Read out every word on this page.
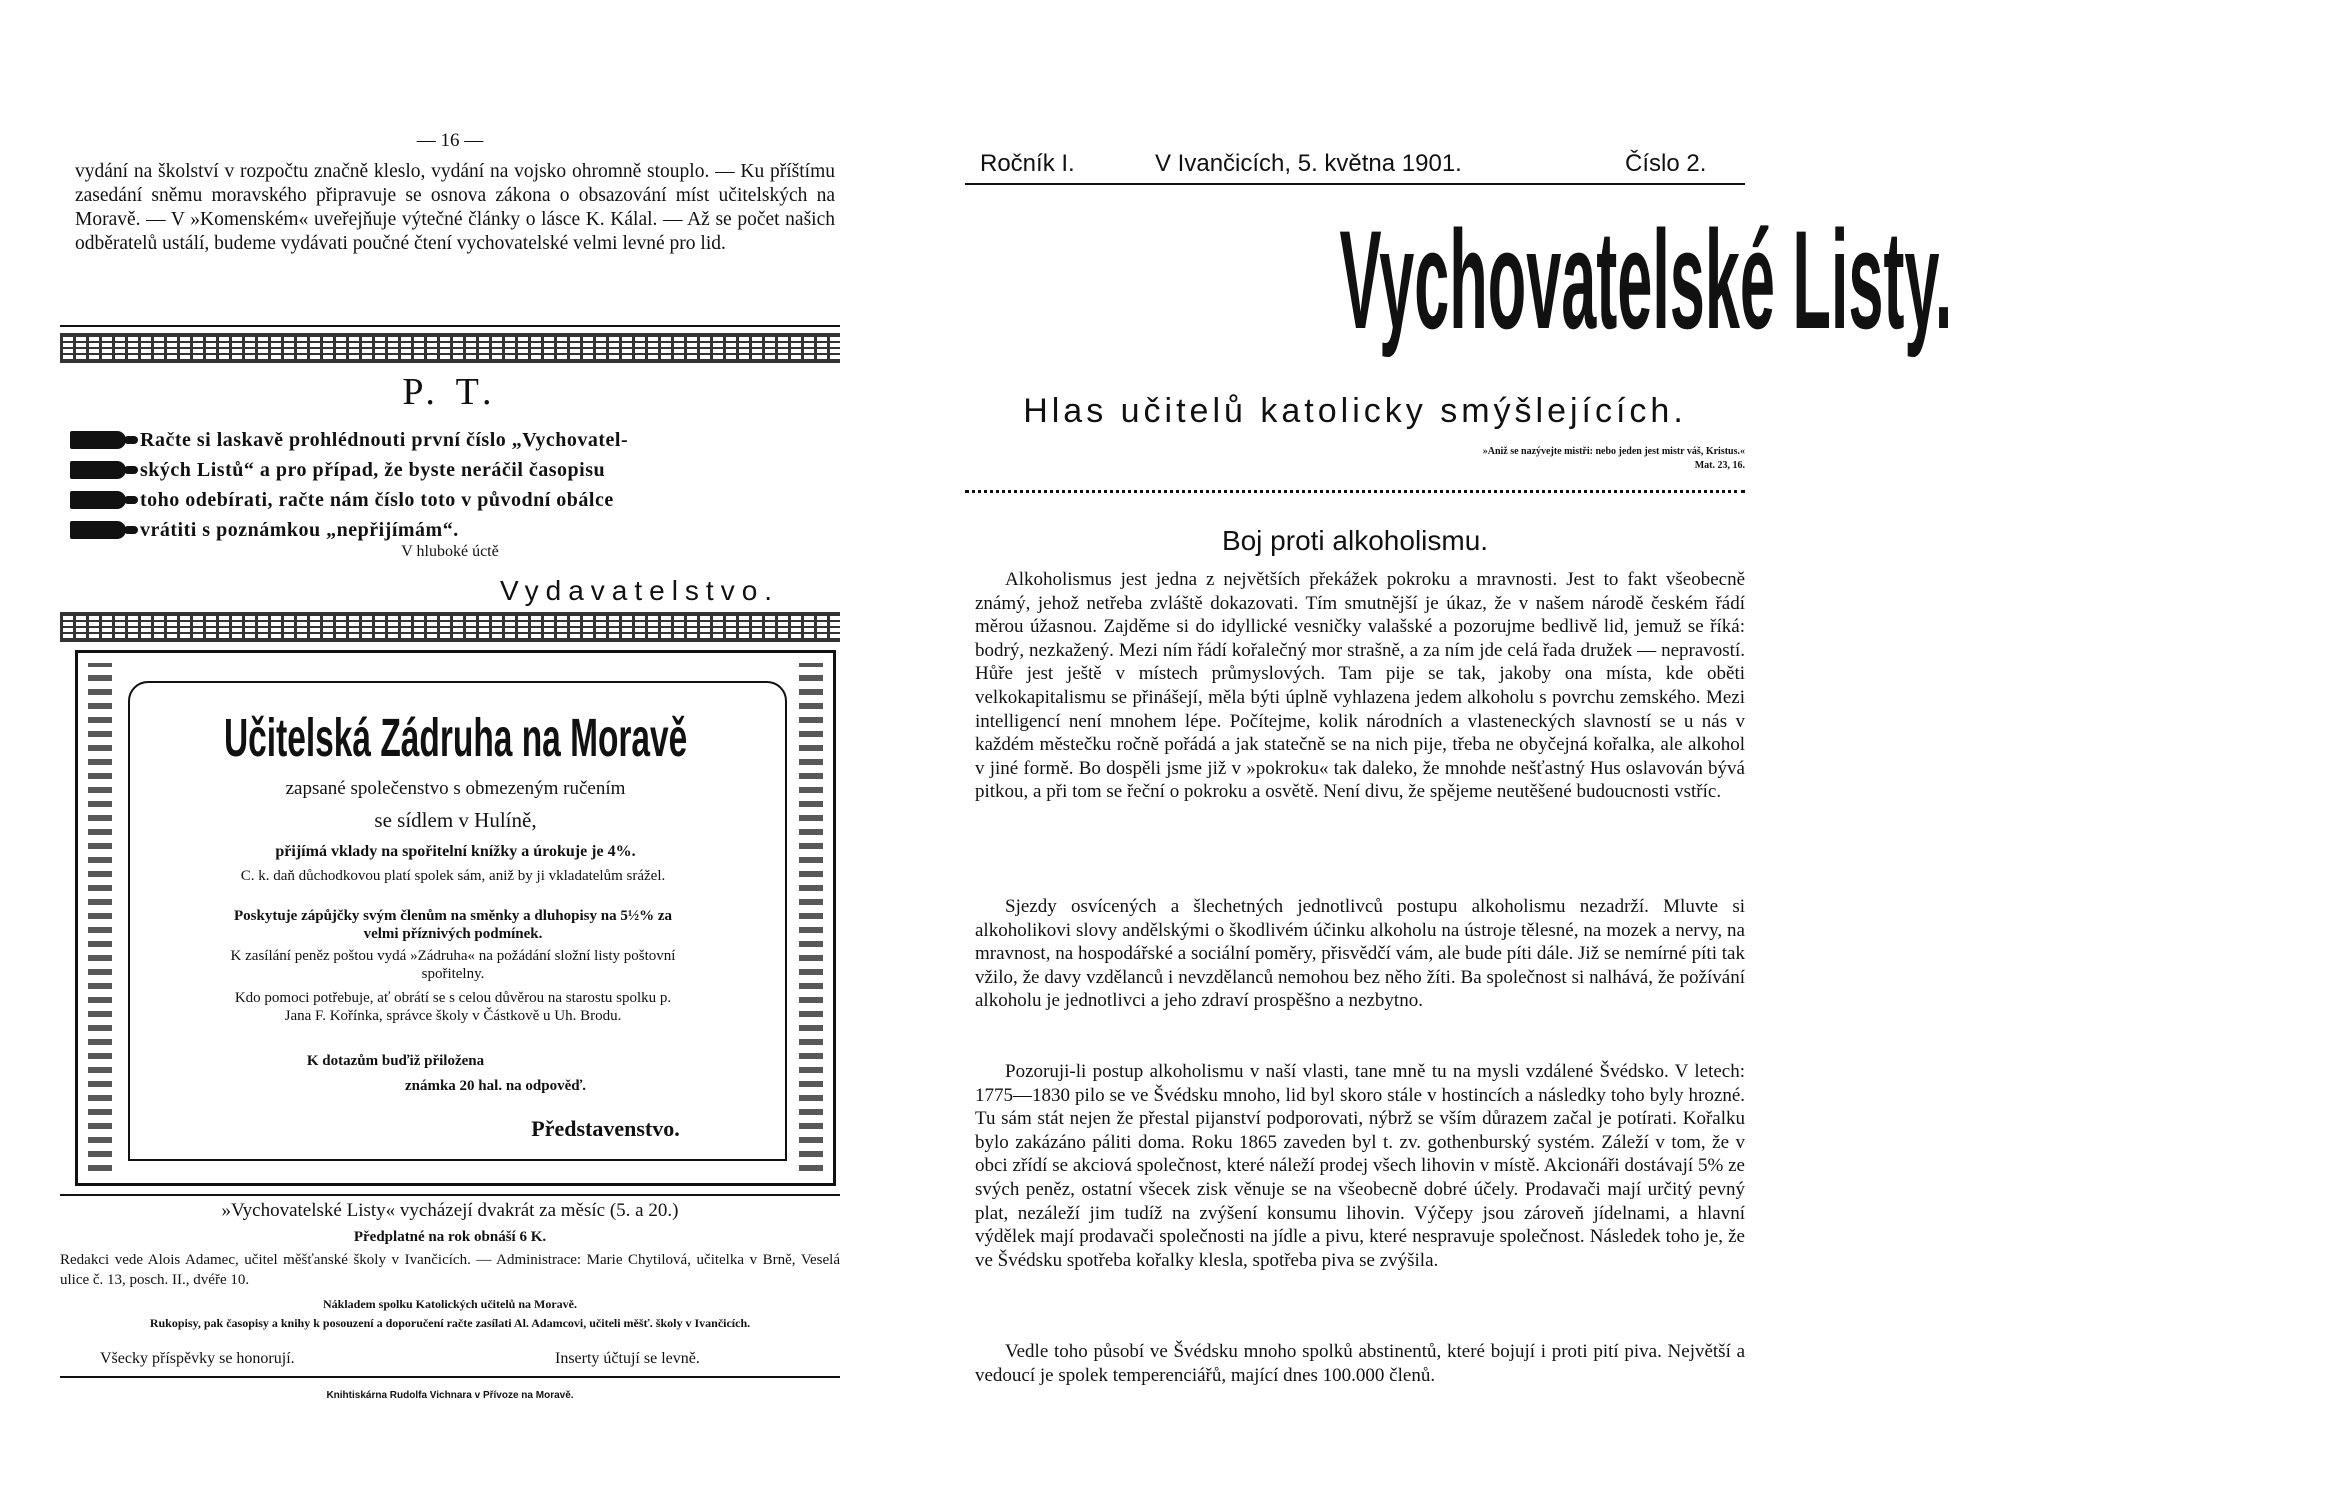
— 16 —
vydání na školství v rozpočtu značně kleslo, vydání na vojsko ohromně stouplo. — Ku příštímu zasedání sněmu moravského připravuje se osnova zákona o obsazování míst učitelských na Moravě. — V »Komenském« uveřejňuje výtečné články o lásce K. Kálal. — Až se počet našich odběratelů ustálí, budeme vydávati poučné čtení vychovatelské velmi levné pro lid.
P. T.
Račte si laskavě prohlédnouti první číslo „Vychovatel-
ských Listů“ a pro případ, že byste neráčil časopisu
toho odebírati, račte nám číslo toto v původní obálce
vrátiti s poznámkou „nepřijímám“.
V hluboké úctě
Vydavatelstvo.
Učitelská Zádruha na Moravě
zapsané společenstvo s obmezeným ručením
se sídlem v Hulíně,
přijímá vklady na spořitelní knížky a úrokuje je 4%.
C. k. daň důchodkovou platí spolek sám, aniž by ji vkladatelům srážel.
Poskytuje zápůjčky svým členům na směnky a dluhopisy na 5½% za velmi příznivých podmínek.
K zasílání peněz poštou vydá »Zádruha« na požádání složní listy poštovní spořitelny.
Kdo pomoci potřebuje, ať obrátí se s celou důvěrou na starostu spolku p. Jana F. Kořínka, správce školy v Částkově u Uh. Brodu.
K dotazům buďiž přiložena
známka 20 hal. na odpověď.
Představenstvo.
»Vychovatelské Listy« vycházejí dvakrát za měsíc (5. a 20.)
Předplatné na rok obnáší 6 K.
Redakci vede Alois Adamec, učitel měšťanské školy v Ivančicích. — Administrace: Marie Chytilová, učitelka v Brně, Veselá ulice č. 13, posch. II., dvéře 10.
Nákladem spolku Katolických učitelů na Moravě.
Rukopisy, pak časopisy a knihy k posouzení a doporučení račte zasílati Al. Adamcovi, učiteli měšť. školy v Ivančicích.
Všecky příspěvky se honorují.	Inserty účtují se levně.
Knihtiskárna Rudolfa Vichnara v Přívoze na Moravě.
Ročník I.	V Ivančicích, 5. května 1901.	Číslo 2.
Vychovatelské Listy.
Hlas učitelů katolicky smýšlejících.
»Aniž se nazývejte mistři: nebo jeden jest mistr váš, Kristus.«
Mat. 23, 16.
Boj proti alkoholismu.
Alkoholismus jest jedna z největších překážek pokroku a mravnosti. Jest to fakt všeobecně známý, jehož netřeba zvláště dokazovati. Tím smutnější je úkaz, že v našem národě českém řádí měrou úžasnou. Zajděme si do idyllické vesničky valašské a pozorujme bedlivě lid, jemuž se říká: bodrý, nezkažený. Mezi ním řádí kořalečný mor strašně, a za ním jde celá řada družek — nepravostí. Hůře jest ještě v místech průmyslových. Tam pije se tak, jakoby ona místa, kde oběti velkokapitalismu se přinášejí, měla býti úplně vyhlazena jedem alkoholu s povrchu zemského. Mezi intelligencí není mnohem lépe. Počítejme, kolik národních a vlasteneckých slavností se u nás v každém městečku ročně pořádá a jak statečně se na nich pije, třeba ne obyčejná kořalka, ale alkohol v jiné formě. Bo dospěli jsme již v »pokroku« tak daleko, že mnohde nešťastný Hus oslavován bývá pitkou, a při tom se řeční o pokroku a osvětě. Není divu, že spějeme neutěšené budoucnosti vstříc.
Sjezdy osvícených a šlechetných jednotlivců postupu alkoholismu nezadrží. Mluvte si alkoholikovi slovy andělskými o škodlivém účinku alkoholu na ústroje tělesné, na mozek a nervy, na mravnost, na hospodářské a sociální poměry, přisvědčí vám, ale bude píti dále. Již se nemírné píti tak vžilo, že davy vzdělanců i nevzdělanců nemohou bez něho žíti. Ba společnost si nalhává, že požívání alkoholu je jednotlivci a jeho zdraví prospěšno a nezbytno.
Pozoruji-li postup alkoholismu v naší vlasti, tane mně tu na mysli vzdálené Švédsko. V letech: 1775—1830 pilo se ve Švédsku mnoho, lid byl skoro stále v hostincích a následky toho byly hrozné. Tu sám stát nejen že přestal pijanství podporovati, nýbrž se vším důrazem začal je potírati. Kořalku bylo zakázáno páliti doma. Roku 1865 zaveden byl t. zv. gothenburský systém. Záleží v tom, že v obci zřídí se akciová společnost, které náleží prodej všech lihovin v místě. Akcionáři dostávají 5% ze svých peněz, ostatní všecek zisk věnuje se na všeobecně dobré účely. Prodavači mají určitý pevný plat, nezáleží jim tudíž na zvýšení konsumu lihovin. Výčepy jsou zároveň jídelnami, a hlavní výdělek mají prodavači společnosti na jídle a pivu, které nespravuje společnost. Následek toho je, že ve Švédsku spotřeba kořalky klesla, spotřeba piva se zvýšila.
Vedle toho působí ve Švédsku mnoho spolků abstinentů, které bojují i proti pití piva. Největší a vedoucí je spolek temperenciářů, mající dnes 100.000 členů.
